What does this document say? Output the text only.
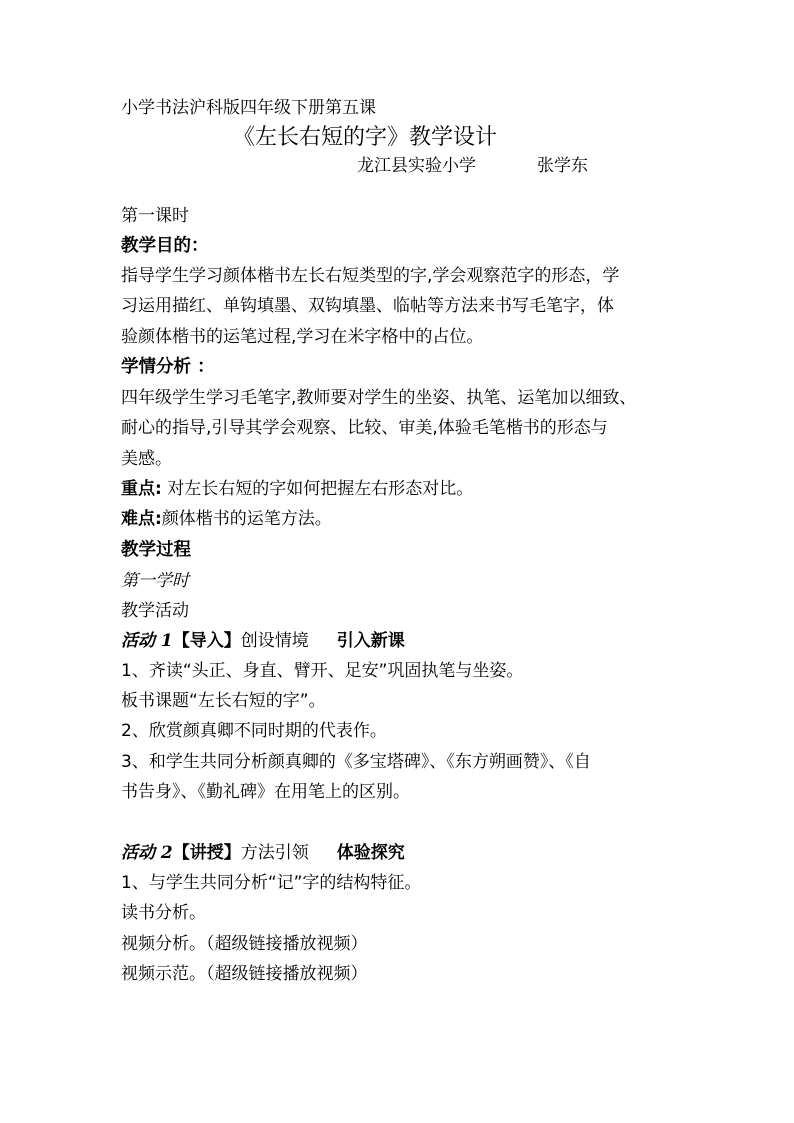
小学书法沪科版四年级下册第五课
《左长右短的字》教学设计
龙江县实验小学	张学东
第一课时
教学目的：
指导学生学习颜体楷书左长右短类型的字,学会观察范字的形态，学
习运用描红、单钩填墨、双钩填墨、临帖等方法来书写毛笔字，体
验颜体楷书的运笔过程,学习在米字格中的占位。
学情分析 ：
四年级学生学习毛笔字,教师要对学生的坐姿、执笔、运笔加以细致、
耐心的指导,引导其学会观察、比较、审美,体验毛笔楷书的形态与
美感。
重点: 对左长右短的字如何把握左右形态对比。
难点:颜体楷书的运笔方法。
教学过程
第一学时
教学活动
活动 1【导入】创设情境 引入新课
1、齐读“头正、身直、臂开、足安”巩固执笔与坐姿。
板书课题“左长右短的字”。
2、欣赏颜真卿不同时期的代表作。
3、和学生共同分析颜真卿的《多宝塔碑》、《东方朔画赞》、《自
书告身》、《勤礼碑》在用笔上的区别。
活动 2【讲授】方法引领 体验探究
1、与学生共同分析“记”字的结构特征。
读书分析。
视频分析。（超级链接播放视频）
视频示范。（超级链接播放视频）
